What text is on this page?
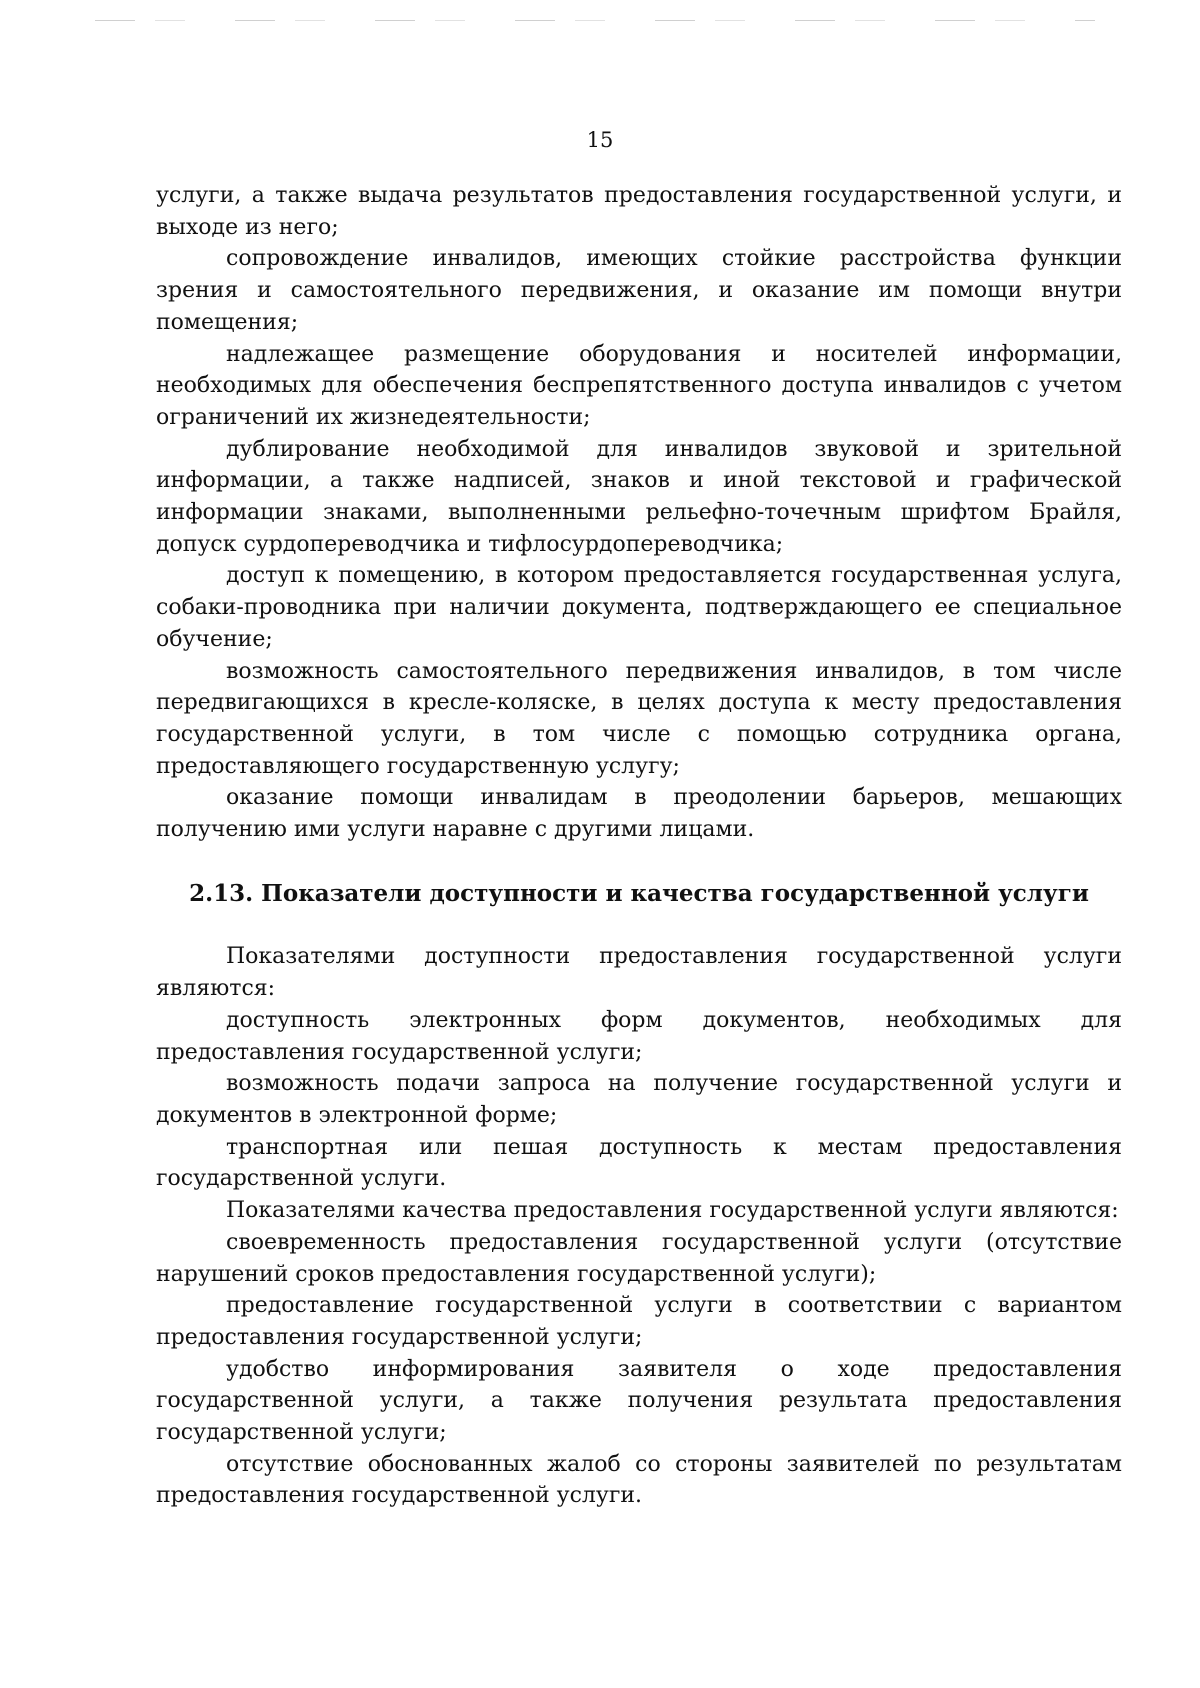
15

услуги, а также выдача результатов предоставления государственной услуги, и выходе из него;

сопровождение инвалидов, имеющих стойкие расстройства функции зрения и самостоятельного передвижения, и оказание им помощи внутри помещения;

надлежащее размещение оборудования и носителей информации, необходимых для обеспечения беспрепятственного доступа инвалидов с учетом ограничений их жизнедеятельности;

дублирование необходимой для инвалидов звуковой и зрительной информации, а также надписей, знаков и иной текстовой и графической информации знаками, выполненными рельефно-точечным шрифтом Брайля, допуск сурдопереводчика и тифлосурдопереводчика;

доступ к помещению, в котором предоставляется государственная услуга, собаки-проводника при наличии документа, подтверждающего ее специальное обучение;

возможность самостоятельного передвижения инвалидов, в том числе передвигающихся в кресле-коляске, в целях доступа к месту предоставления государственной услуги, в том числе с помощью сотрудника органа, предоставляющего государственную услугу;

оказание помощи инвалидам в преодолении барьеров, мешающих получению ими услуги наравне с другими лицами.

2.13. Показатели доступности и качества государственной услуги

Показателями доступности предоставления государственной услуги являются:

доступность электронных форм документов, необходимых для предоставления государственной услуги;

возможность подачи запроса на получение государственной услуги и документов в электронной форме;

транспортная или пешая доступность к местам предоставления государственной услуги.

Показателями качества предоставления государственной услуги являются:

своевременность предоставления государственной услуги (отсутствие нарушений сроков предоставления государственной услуги);

предоставление государственной услуги в соответствии с вариантом предоставления государственной услуги;

удобство информирования заявителя о ходе предоставления государственной услуги, а также получения результата предоставления государственной услуги;

отсутствие обоснованных жалоб со стороны заявителей по результатам предоставления государственной услуги.
